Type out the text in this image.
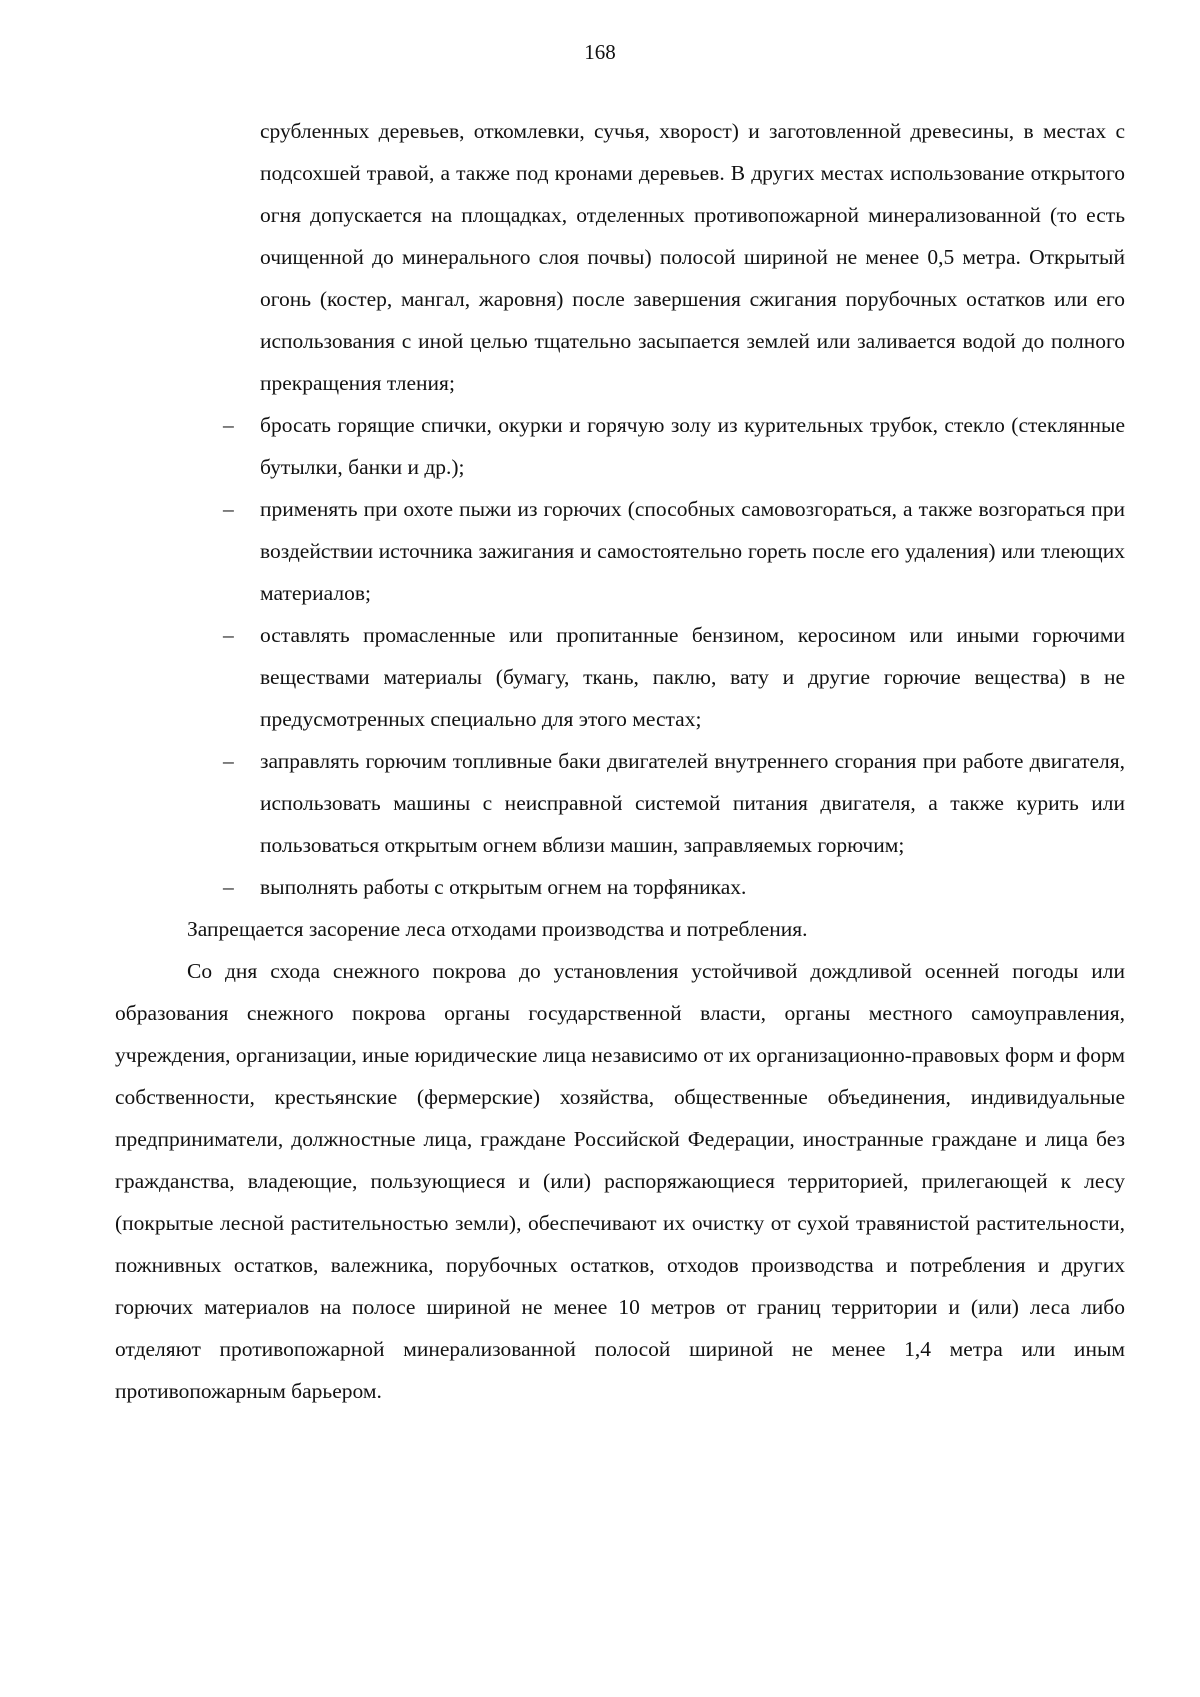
168

срубленных деревьев, откомлевки, сучья, хворост) и заготовленной древесины, в местах с подсохшей травой, а также под кронами деревьев. В других местах использование открытого огня допускается на площадках, отделенных противопожарной минерализованной (то есть очищенной до минерального слоя почвы) полосой шириной не менее 0,5 метра. Открытый огонь (костер, мангал, жаровня) после завершения сжигания порубочных остатков или его использования с иной целью тщательно засыпается землей или заливается водой до полного прекращения тления;

– бросать горящие спички, окурки и горячую золу из курительных трубок, стекло (стеклянные бутылки, банки и др.);

– применять при охоте пыжи из горючих (способных самовозгораться, а также возгораться при воздействии источника зажигания и самостоятельно гореть после его удаления) или тлеющих материалов;

– оставлять промасленные или пропитанные бензином, керосином или иными горючими веществами материалы (бумагу, ткань, паклю, вату и другие горючие вещества) в не предусмотренных специально для этого местах;

– заправлять горючим топливные баки двигателей внутреннего сгорания при работе двигателя, использовать машины с неисправной системой питания двигателя, а также курить или пользоваться открытым огнем вблизи машин, заправляемых горючим;

– выполнять работы с открытым огнем на торфяниках.

Запрещается засорение леса отходами производства и потребления.

Со дня схода снежного покрова до установления устойчивой дождливой осенней погоды или образования снежного покрова органы государственной власти, органы местного самоуправления, учреждения, организации, иные юридические лица независимо от их организационно-правовых форм и форм собственности, крестьянские (фермерские) хозяйства, общественные объединения, индивидуальные предприниматели, должностные лица, граждане Российской Федерации, иностранные граждане и лица без гражданства, владеющие, пользующиеся и (или) распоряжающиеся территорией, прилегающей к лесу (покрытые лесной растительностью земли), обеспечивают их очистку от сухой травянистой растительности, пожнивных остатков, валежника, порубочных остатков, отходов производства и потребления и других горючих материалов на полосе шириной не менее 10 метров от границ территории и (или) леса либо отделяют противопожарной минерализованной полосой шириной не менее 1,4 метра или иным противопожарным барьером.
